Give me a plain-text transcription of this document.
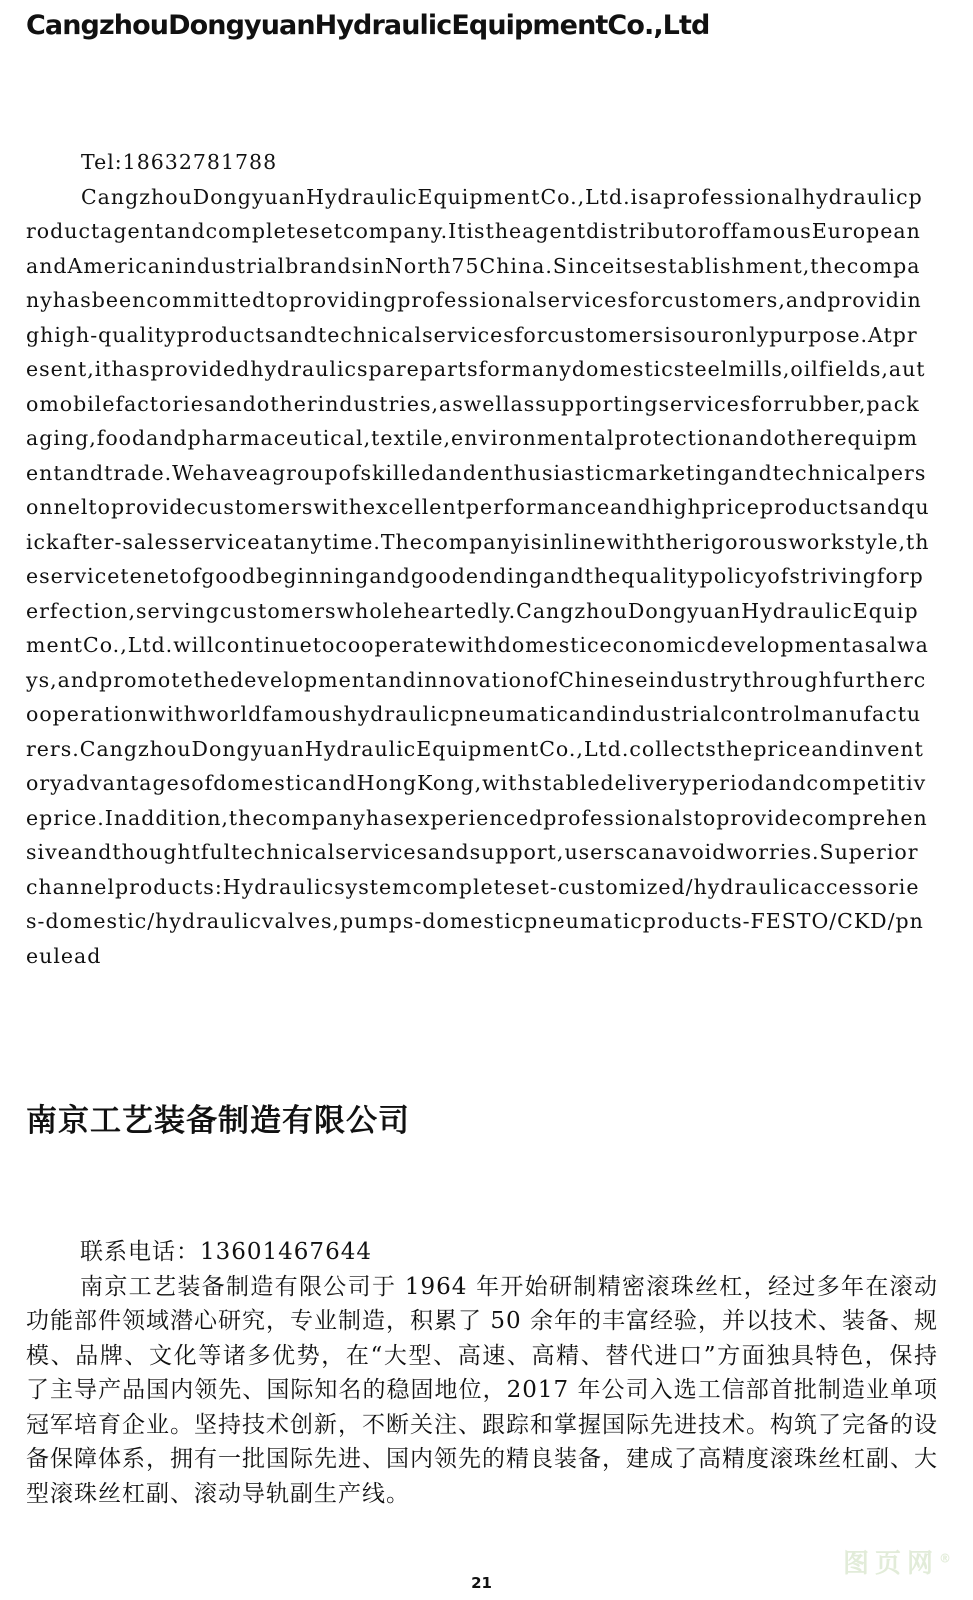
CangzhouDongyuanHydraulicEquipmentCo.,Ltd

Tel:18632781788

CangzhouDongyuanHydraulicEquipmentCo.,Ltd.isaprofessionalhydraulicproductagentandcompletesetcompany.ItistheagentdistributoroffamousEuropeanandAmericanindustrialbrandsinNorth75China.Sinceitsestablishment,thecompanyhasbeencommittedtoprovidingprofessionalservicesforcustomers,andprovidinghigh-qualityproductsandtechnicalservicesforcustomersisouronlypurpose.Atpresent,ithasprovidedhydraulicsparepartsformanydomesticsteelmills,oilfields,automobilefactoriesandotherindustries,aswellassupportingservicesforrubber,packaging,foodandpharmaceutical,textile,environmentalprotectionandotherequipmentandtrade.Wehaveagroupofskilledandenthusiasticmarketingandtechnicalpersonneltoprovidecustomerswithexcellentperformanceandhighpriceproductsandquickafter-salesserviceatanytime.Thecompanyisinlinewiththerigorousworkstyle,theservicetenetofgoodbeginningandgoodendingandthequalitypolicyofstrivingforperfection,servingcustomerswholeheartedly.CangzhouDongyuanHydraulicEquipmentCo.,Ltd.willcontinuetocooperatewithdomesticeconomicdevelopmentasalways,andpromotethedevelopmentandinnovationofChineseindustrythroughfurthercooperationwithworldfamoushydraulicpneumaticandindustrialcontrolmanufacturers.CangzhouDongyuanHydraulicEquipmentCo.,Ltd.collectsthepriceandinventoryadvantagesofdomesticandHongKong,withstabledeliveryperiodandcompetitiveprice.Inaddition,thecompanyhasexperiencedprofessionalstoprovidecomprehensiveandthoughtfultechnicalservicesandsupport,userscanavoidworries.Superiorchannelproducts:Hydraulicsystemcompleteset-customized/hydraulicaccessories-domestic/hydraulicvalves,pumps-domesticpneumaticproducts-FESTO/CKD/pneulead

南京工艺装备制造有限公司

联系电话：13601467644

南京工艺装备制造有限公司于 1964 年开始研制精密滚珠丝杠，经过多年在滚动功能部件领域潜心研究，专业制造，积累了 50 余年的丰富经验，并以技术、装备、规模、品牌、文化等诸多优势，在“大型、高速、高精、替代进口”方面独具特色，保持了主导产品国内领先、国际知名的稳固地位，2017 年公司入选工信部首批制造业单项冠军培育企业。坚持技术创新，不断关注、跟踪和掌握国际先进技术。构筑了完备的设备保障体系，拥有一批国际先进、国内领先的精良装备，建成了高精度滚珠丝杠副、大型滚珠丝杠副、滚动导轨副生产线。

21
图页网®
